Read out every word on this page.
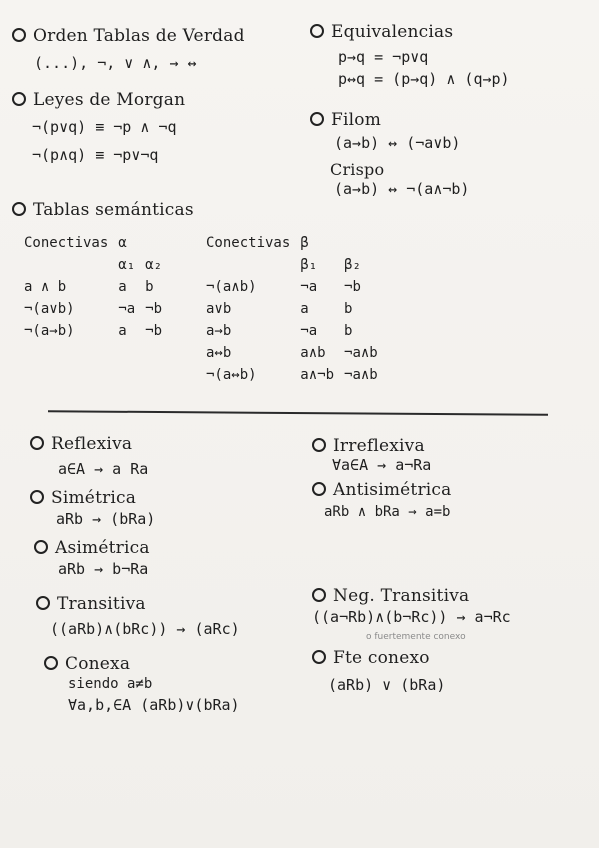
Orden Tablas de Verdad
(...), ¬, ∨ ∧, → ↔
Leyes de Morgan
¬(p∨q) ≡ ¬p ∧ ¬q
¬(p∧q) ≡ ¬p∨¬q
Equivalencias
p→q = ¬p∨q
p↔q = (p→q) ∧ (q→p)
Filom
(a→b) ↔ (¬a∨b)
Crispo
(a→b) ↔ ¬(a∧¬b)
Tablas semánticas
Conectivas	α	
	α₁	α₂
a ∧ b	a	b
¬(a∨b)	¬a	¬b
¬(a→b)	a	¬b
Conectivas	β	
	β₁	β₂
¬(a∧b)	¬a	¬b
a∨b	a	b
a→b	¬a	b
a↔b	a∧b	¬a∧b
¬(a↔b)	a∧¬b	¬a∧b
Reflexiva
a∈A → a Ra
Simétrica
aRb → (bRa)
Asimétrica
aRb → b¬Ra
Transitiva
((aRb)∧(bRc)) → (aRc)
Conexa
siendo a≠b
∀a,b,∈A (aRb)∨(bRa)
Irreflexiva
∀a∈A → a¬Ra
Antisimétrica
aRb ∧ bRa → a=b
Neg. Transitiva
((a¬Rb)∧(b¬Rc)) → a¬Rc
o fuertemente conexo
Fte conexo
(aRb) ∨ (bRa)
